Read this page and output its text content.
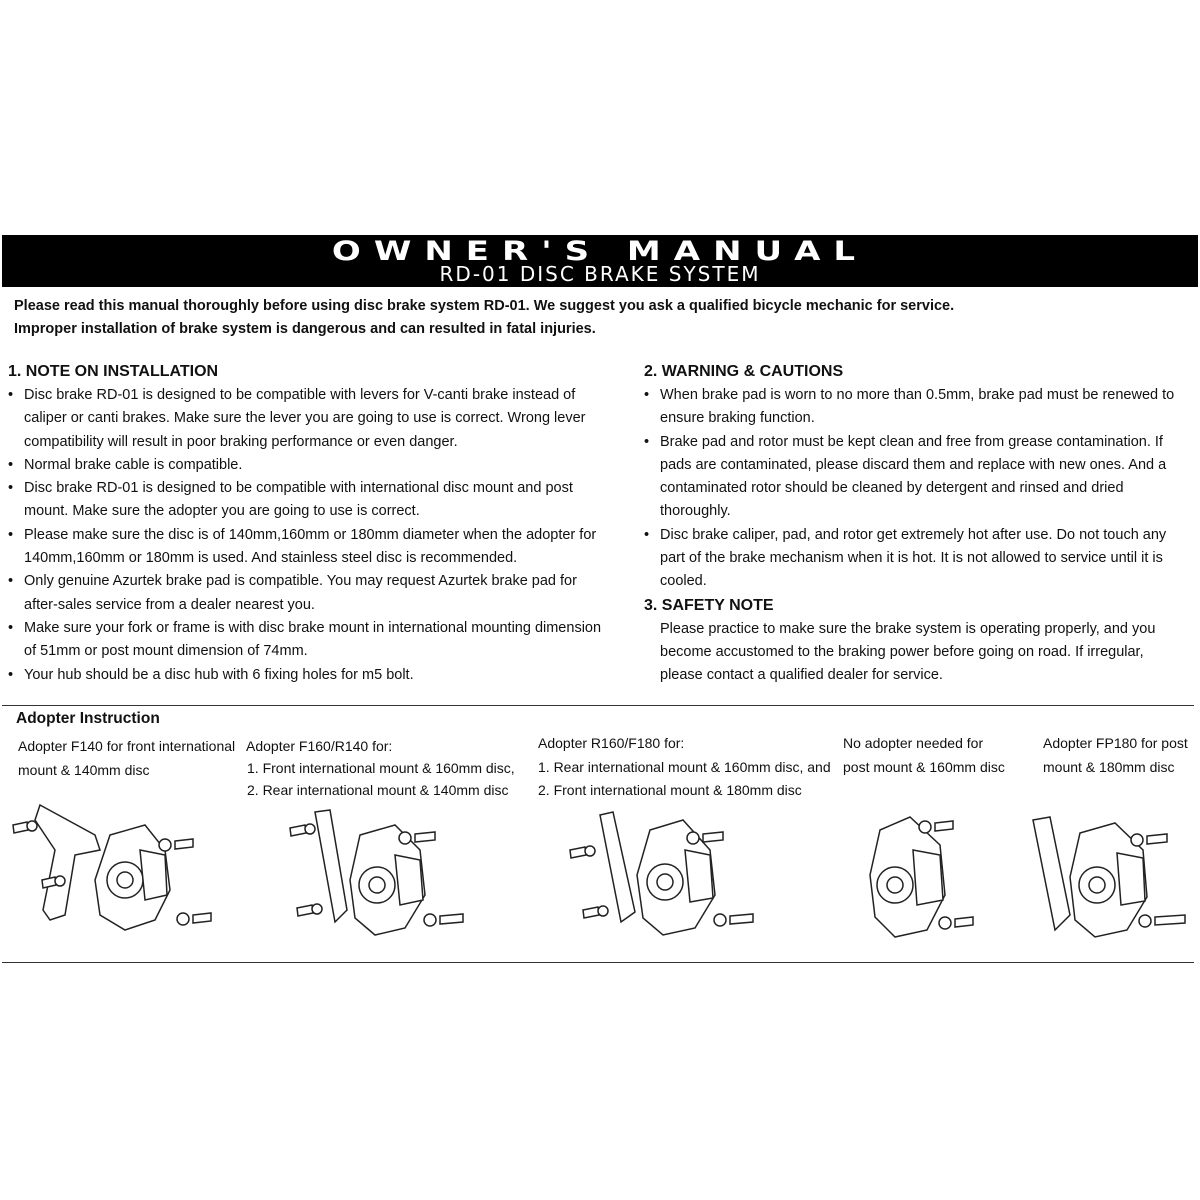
OWNER'S MANUAL
RD-01 DISC BRAKE SYSTEM

Please read this manual thoroughly before using disc brake system RD-01. We suggest you ask a qualified bicycle mechanic for service.

Improper installation of brake system is dangerous and can resulted in fatal injuries.

1. NOTE ON INSTALLATION
• Disc brake RD-01 is designed to be compatible with levers for V-canti brake instead of caliper or canti brakes. Make sure the lever you are going to use is correct. Wrong lever compatibility will result in poor braking performance or even danger.
• Normal brake cable is compatible.
• Disc brake RD-01 is designed to be compatible with international disc mount and post mount. Make sure the adopter you are going to use is correct.
• Please make sure the disc is of 140mm,160mm or 180mm diameter when the adopter for 140mm,160mm or 180mm is used. And stainless steel disc is recommended.
• Only genuine Azurtek brake pad is compatible. You may request Azurtek brake pad for after-sales service from a dealer nearest you.
• Make sure your fork or frame is with disc brake mount in international mounting dimension of 51mm or post mount dimension of 74mm.
• Your hub should be a disc hub with 6 fixing holes for m5 bolt.
2. WARNING & CAUTIONS
• When brake pad is worn to no more than 0.5mm, brake pad must be renewed to ensure braking function.
• Brake pad and rotor must be kept clean and free from grease contamination. If pads are contaminated, please discard them and replace with new ones. And a contaminated rotor should be cleaned by detergent and rinsed and dried thoroughly.
• Disc brake caliper, pad, and rotor get extremely hot after use. Do not touch any part of the brake mechanism when it is hot. It is not allowed to service until it is cooled.
3. SAFETY NOTE
Please practice to make sure the brake system is operating properly, and you become accustomed to the braking power before going on road. If irregular, please contact a qualified dealer for service.
Adopter Instruction

Adopter F140 for front international

mount & 140mm disc

Adopter F160/R140 for:

1. Front international mount & 160mm disc,
2. Rear international mount & 140mm disc

Adopter R160/F180 for:

1. Rear international mount & 160mm disc, and
2. Front international mount & 180mm disc

No adopter needed for

post mount & 160mm disc

Adopter FP180 for post

mount & 180mm disc
